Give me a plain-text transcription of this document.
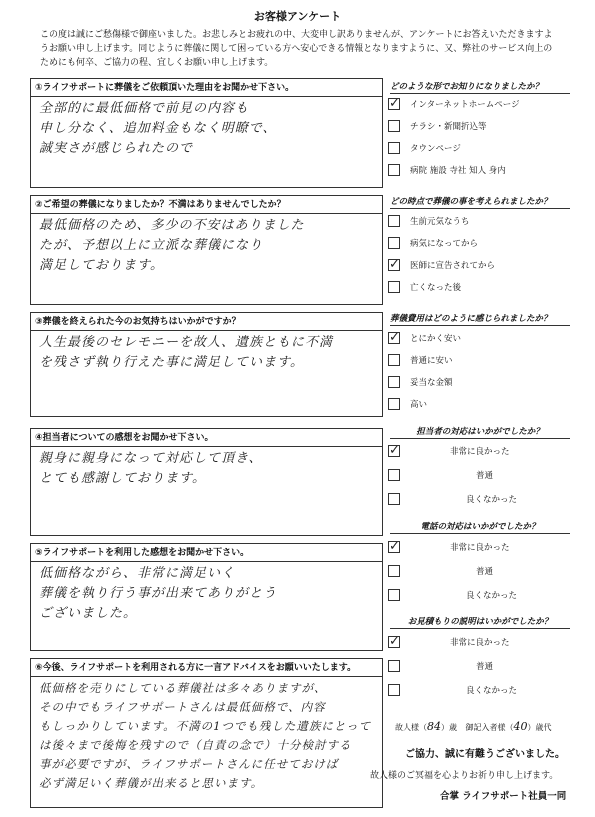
お客様アンケート
この度は誠にご愁傷様で御座いました。お悲しみとお疲れの中、大変申し訳ありませんが、アンケートにお答えいただきますようお願い申し上げます。同じように葬儀に関して困っている方へ安心できる情報となりますように、又、弊社のサービス向上のためにも何卒、ご協力の程、宜しくお願い申し上げます。
①ライフサポートに葬儀をご依頼頂いた理由をお聞かせ下さい。
全部的に最低価格で前見の内容も
申し分なく、追加料金もなく明瞭で、
誠実さが感じられたので
②ご希望の葬儀になりましたか？不満はありませんでしたか？
最低価格のため、多少の不安はありました
たが、予想以上に立派な葬儀になり
満足しております。
③葬儀を終えられた今のお気持ちはいかがですか？
人生最後のセレモニーを故人、遺族ともに不満
を残さず執り行えた事に満足しています。
④担当者についての感想をお聞かせ下さい。
親身に親身になって対応して頂き、
とても感謝しております。
⑤ライフサポートを利用した感想をお聞かせ下さい。
低価格ながら、非常に満足いく
葬儀を執り行う事が出来てありがとう
ございました。
⑥今後、ライフサポートを利用される方に一言アドバイスをお願いいたします。
低価格を売りにしている葬儀社は多々ありますが、
その中でもライフサポートさんは最低価格で、内容
もしっかりしています。不満の1つでも残した遺族にとって
は後々まで後悔を残すので（自責の念で）十分検討する
事が必要ですが、ライフサポートさんに任せておけば
必ず満足いく葬儀が出来ると思います。
どのような形でお知りになりましたか？
✓
インターネットホームページ
チラシ・新聞折込等
タウンページ
病院 施設 寺社 知人 身内
どの時点で葬儀の事を考えられましたか？
生前元気なうち
病気になってから
✓
医師に宣告されてから
亡くなった後
葬儀費用はどのように感じられましたか？
✓
とにかく安い
普通に安い
妥当な金額
高い
担当者の対応はいかがでしたか？
✓
非常に良かった
普通
良くなかった
電話の対応はいかがでしたか？
✓
非常に良かった
普通
良くなかった
お見積もりの説明はいかがでしたか？
✓
非常に良かった
普通
良くなかった
故人様（84）歳 御記入者様（40）歳代
ご協力、誠に有難うございました。
故人様のご冥福を心よりお祈り申し上げます。
合掌 ライフサポート社員一同
